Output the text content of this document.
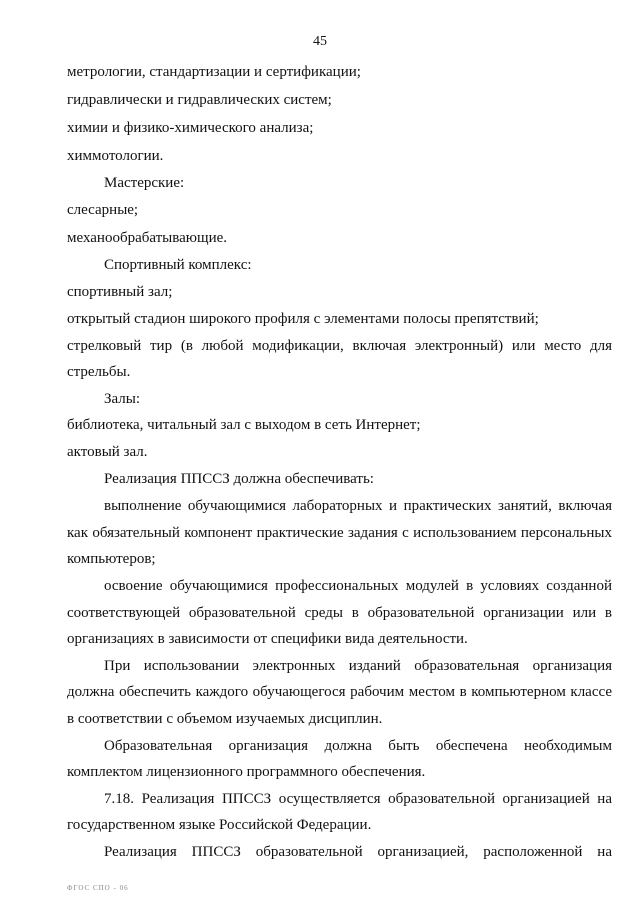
45
метрологии, стандартизации и сертификации;
гидравлически и гидравлических систем;
химии и физико-химического анализа;
химмотологии.
Мастерские:
слесарные;
механообрабатывающие.
Спортивный комплекс:
спортивный зал;
открытый стадион широкого профиля с элементами полосы препятствий;
стрелковый тир (в любой модификации, включая электронный) или место для
стрельбы.
Залы:
библиотека, читальный зал с выходом в сеть Интернет;
актовый зал.
Реализация ППССЗ должна обеспечивать:
выполнение обучающимися лабораторных и практических занятий, включая
как обязательный компонент практические задания с использованием персональных
компьютеров;
освоение обучающимися профессиональных модулей в условиях созданной
соответствующей образовательной среды в образовательной организации или в
организациях в зависимости от специфики вида деятельности.
При использовании электронных изданий образовательная организация
должна обеспечить каждого обучающегося рабочим местом в компьютерном классе
в соответствии с объемом изучаемых дисциплин.
Образовательная организация должна быть обеспечена необходимым
комплектом лицензионного программного обеспечения.
7.18. Реализация ППССЗ осуществляется образовательной организацией на
государственном языке Российской Федерации.
Реализация ППССЗ образовательной организацией, расположенной на
ФГОС СПО - 06
